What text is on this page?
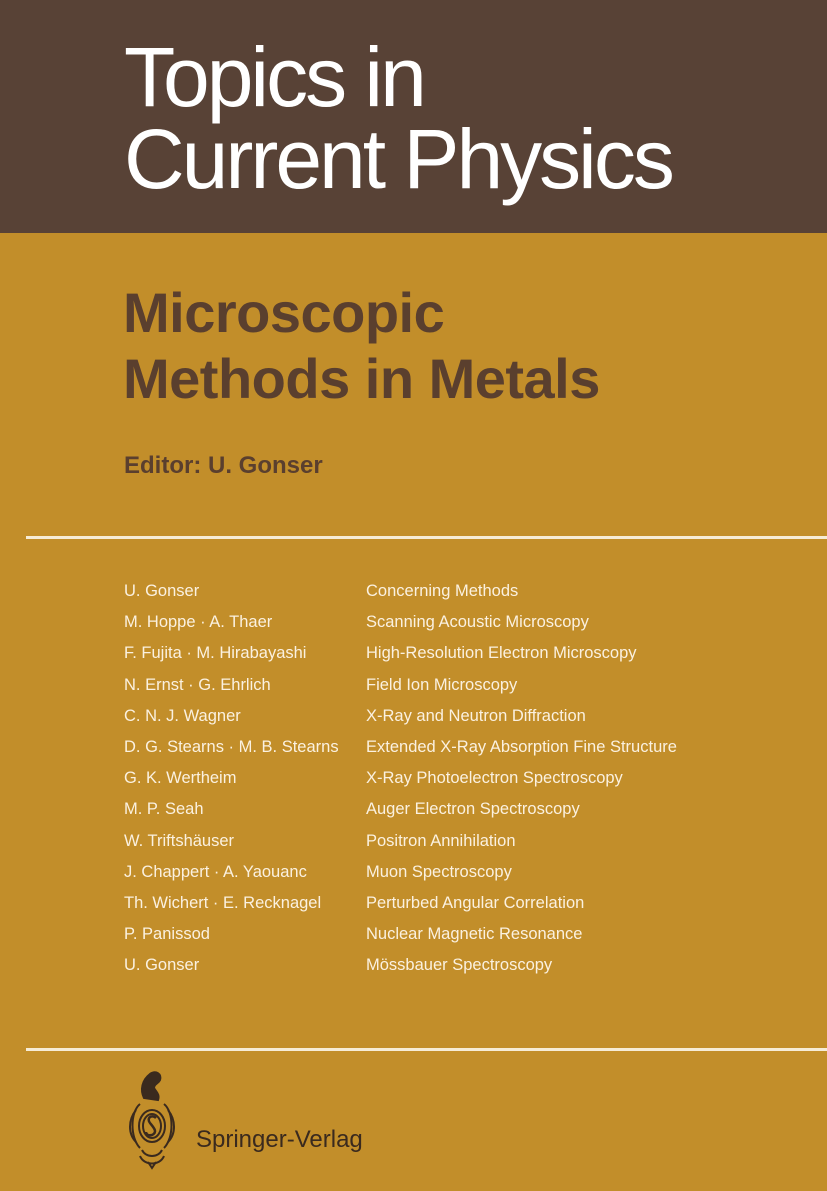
Topics in
Current Physics
Microscopic
Methods in Metals
Editor: U. Gonser
U. Gonser	Concerning Methods
M. Hoppe · A. Thaer	Scanning Acoustic Microscopy
F. Fujita · M. Hirabayashi	High-Resolution Electron Microscopy
N. Ernst · G. Ehrlich	Field Ion Microscopy
C. N. J. Wagner	X-Ray and Neutron Diffraction
D. G. Stearns · M. B. Stearns	Extended X-Ray Absorption Fine Structure
G. K. Wertheim	X-Ray Photoelectron Spectroscopy
M. P. Seah	Auger Electron Spectroscopy
W. Triftshäuser	Positron Annihilation
J. Chappert · A. Yaouanc	Muon Spectroscopy
Th. Wichert · E. Recknagel	Perturbed Angular Correlation
P. Panissod	Nuclear Magnetic Resonance
U. Gonser	Mössbauer Spectroscopy
Springer-Verlag
